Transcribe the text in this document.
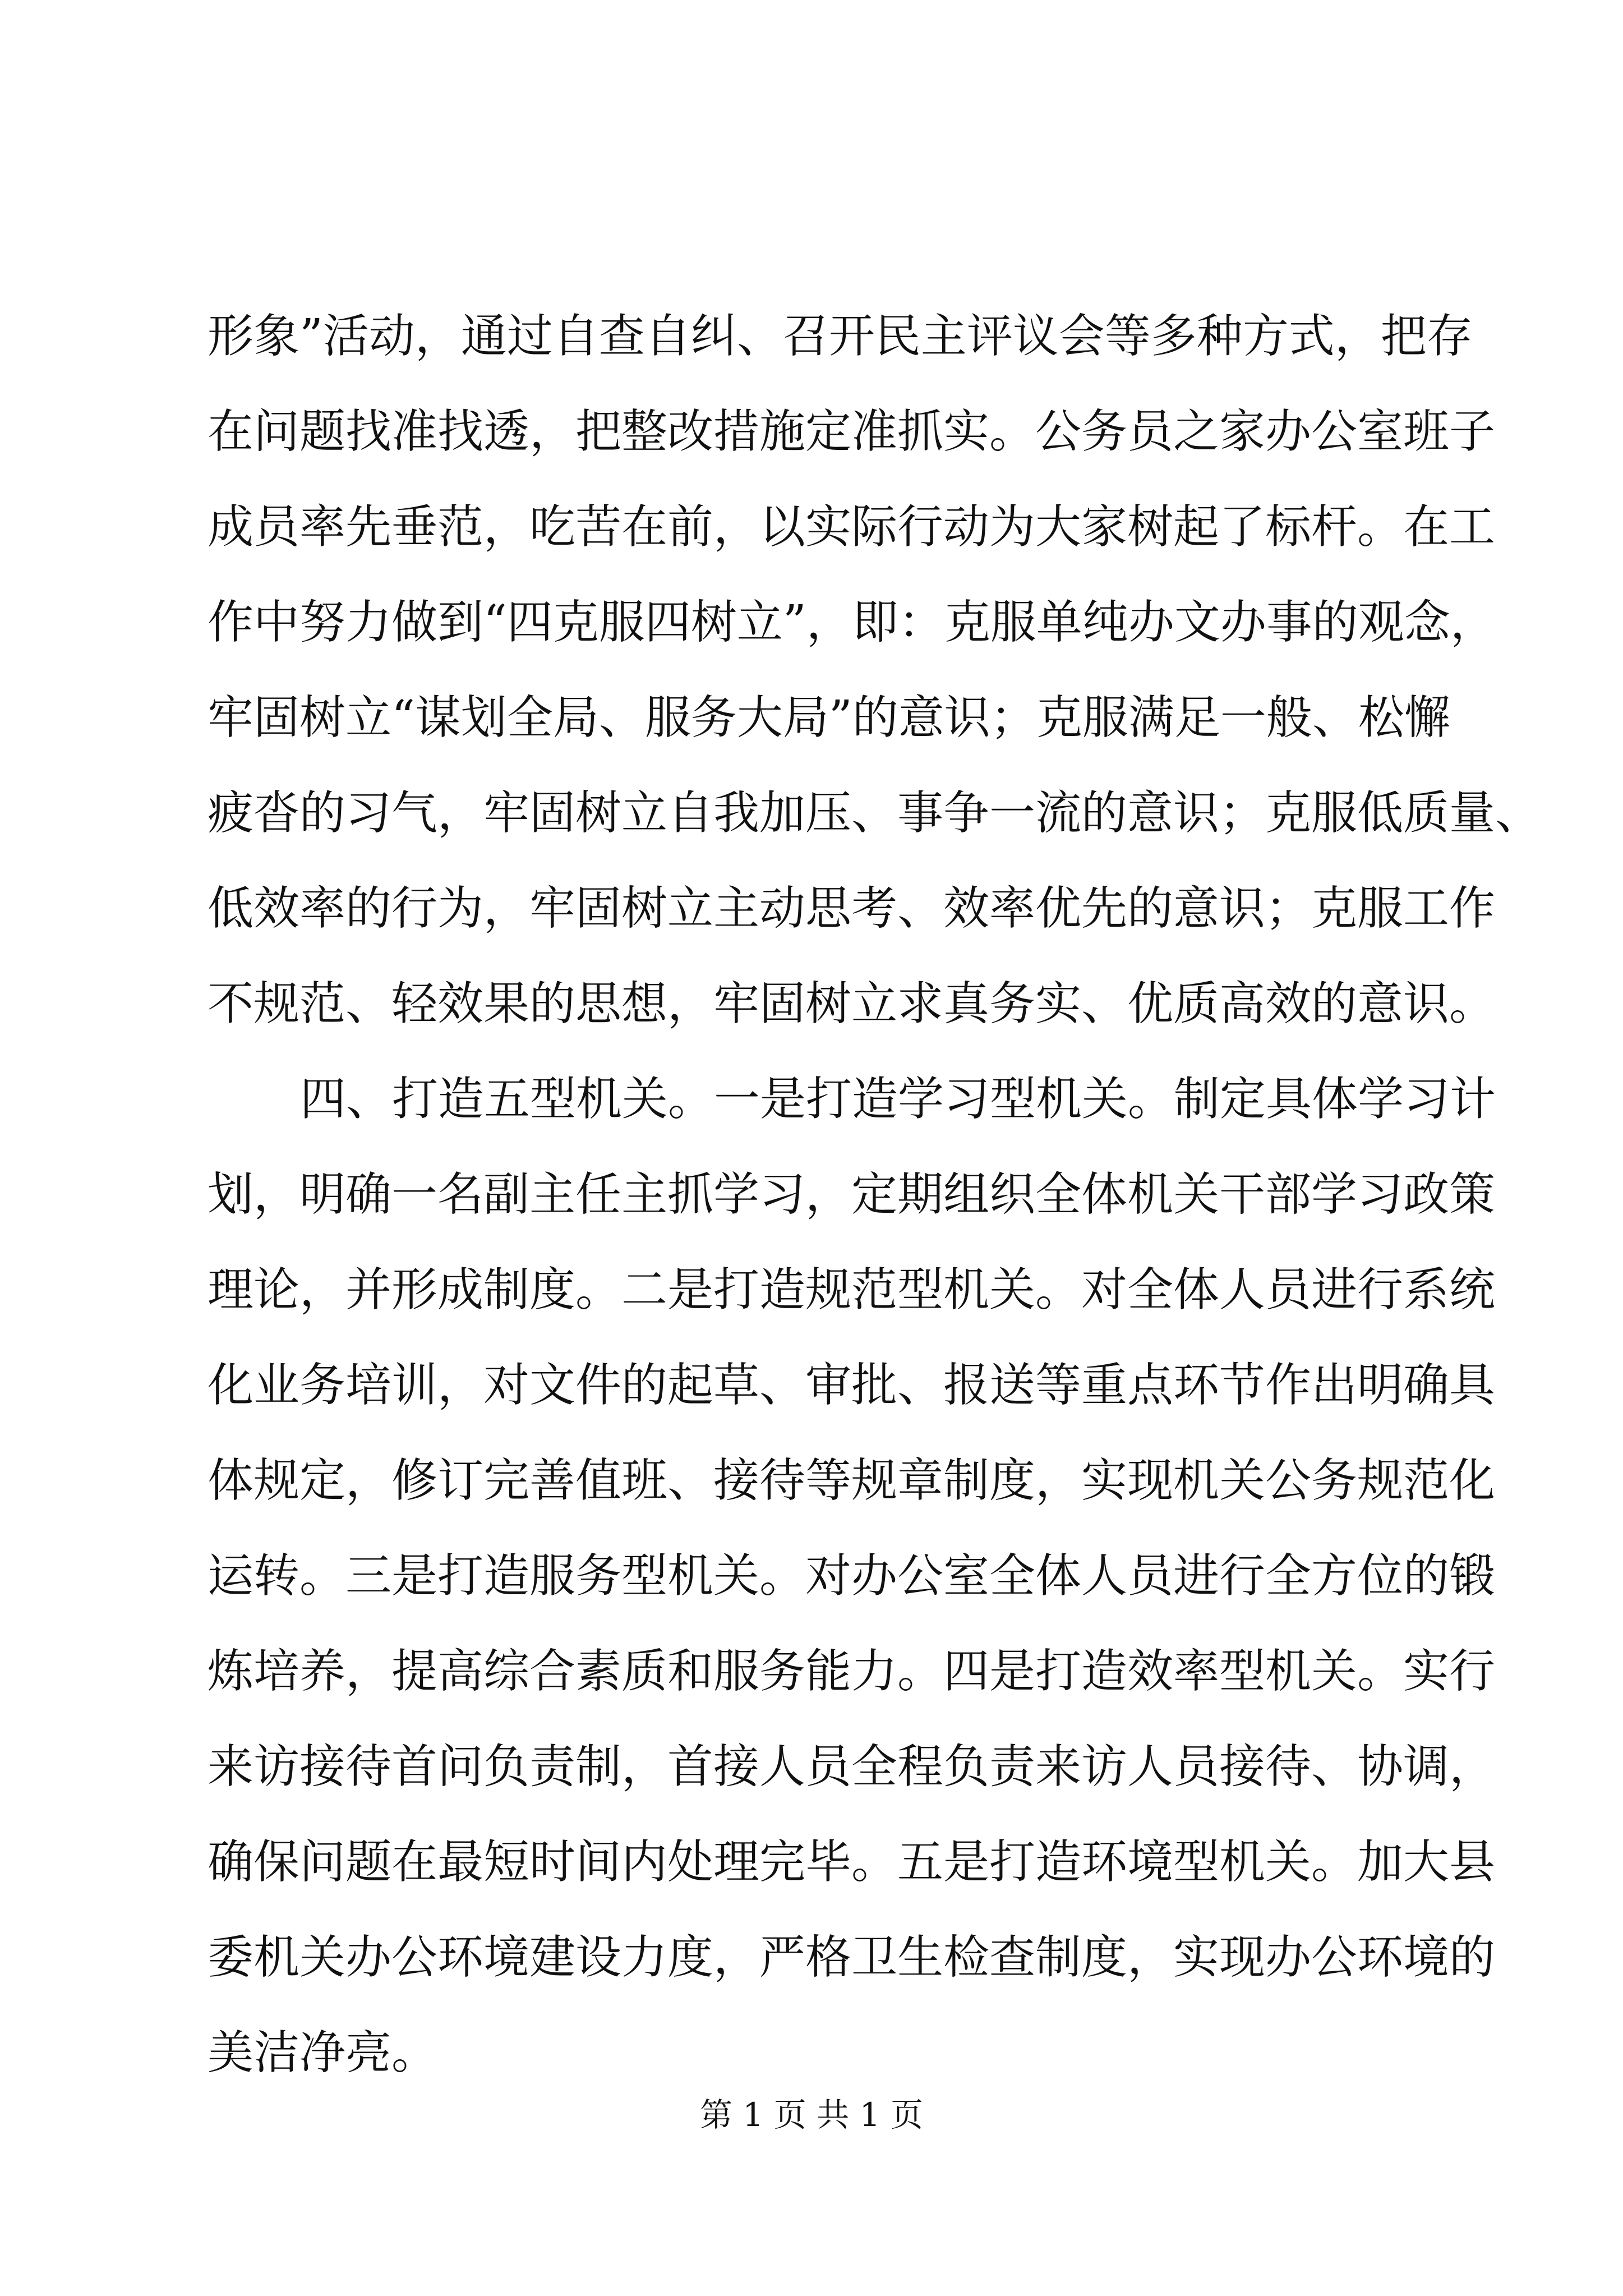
形象”活动，通过自查自纠、召开民主评议会等多种方式，把存
在问题找准找透，把整改措施定准抓实。公务员之家办公室班子
成员率先垂范，吃苦在前，以实际行动为大家树起了标杆。在工
作中努力做到“四克服四树立”，即：克服单纯办文办事的观念，
牢固树立“谋划全局、服务大局”的意识；克服满足一般、松懈
疲沓的习气，牢固树立自我加压、事争一流的意识；克服低质量、
低效率的行为，牢固树立主动思考、效率优先的意识；克服工作
不规范、轻效果的思想，牢固树立求真务实、优质高效的意识。
四、打造五型机关。一是打造学习型机关。制定具体学习计
划，明确一名副主任主抓学习，定期组织全体机关干部学习政策
理论，并形成制度。二是打造规范型机关。对全体人员进行系统
化业务培训，对文件的起草、审批、报送等重点环节作出明确具
体规定，修订完善值班、接待等规章制度，实现机关公务规范化
运转。三是打造服务型机关。对办公室全体人员进行全方位的锻
炼培养，提高综合素质和服务能力。四是打造效率型机关。实行
来访接待首问负责制，首接人员全程负责来访人员接待、协调，
确保问题在最短时间内处理完毕。五是打造环境型机关。加大县
委机关办公环境建设力度，严格卫生检查制度，实现办公环境的
美洁净亮。
第 1 页 共 1 页
